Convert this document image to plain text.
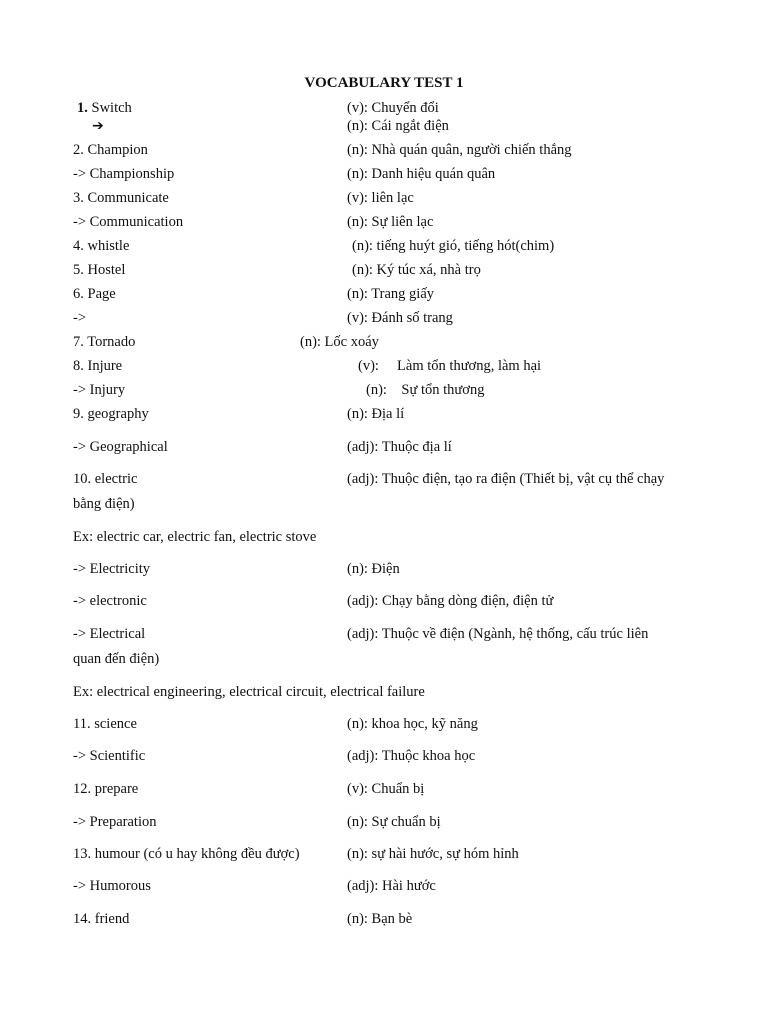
VOCABULARY TEST 1
1. Switch	(v): Chuyển đổi
➔	(n): Cái ngắt điện
2. Champion	(n): Nhà quán quân, người chiến thắng
-> Championship	(n): Danh hiệu quán quân
3. Communicate	(v): liên lạc
-> Communication	(n): Sự liên lạc
4. whistle	(n): tiếng huýt gió, tiếng hót(chim)
5. Hostel	(n): Ký túc xá, nhà trọ
6. Page	(n): Trang giấy
->	(v): Đánh số trang
7. Tornado	(n): Lốc xoáy
8. Injure	(v):     Làm tổn thương, làm hại
-> Injury	(n):    Sự tổn thương
9. geography	(n): Địa lí
-> Geographical	(adj): Thuộc địa lí
10. electric	(adj): Thuộc điện, tạo ra điện (Thiết bị, vật cụ thể chạy
bằng điện)
Ex: electric car, electric fan, electric stove
-> Electricity	(n): Điện
-> electronic	(adj): Chạy bằng dòng điện, điện tử
-> Electrical	(adj): Thuộc về điện (Ngành, hệ thống, cấu trúc liên
quan đến điện)
Ex: electrical engineering, electrical circuit, electrical failure
11. science	(n): khoa học, kỹ năng
-> Scientific	(adj): Thuộc khoa học
12. prepare	(v): Chuẩn bị
-> Preparation	(n): Sự chuẩn bị
13. humour (có u hay không đều được)	(n): sự hài hước, sự hóm hỉnh
-> Humorous	(adj): Hài hước
14. friend	(n): Bạn bè
